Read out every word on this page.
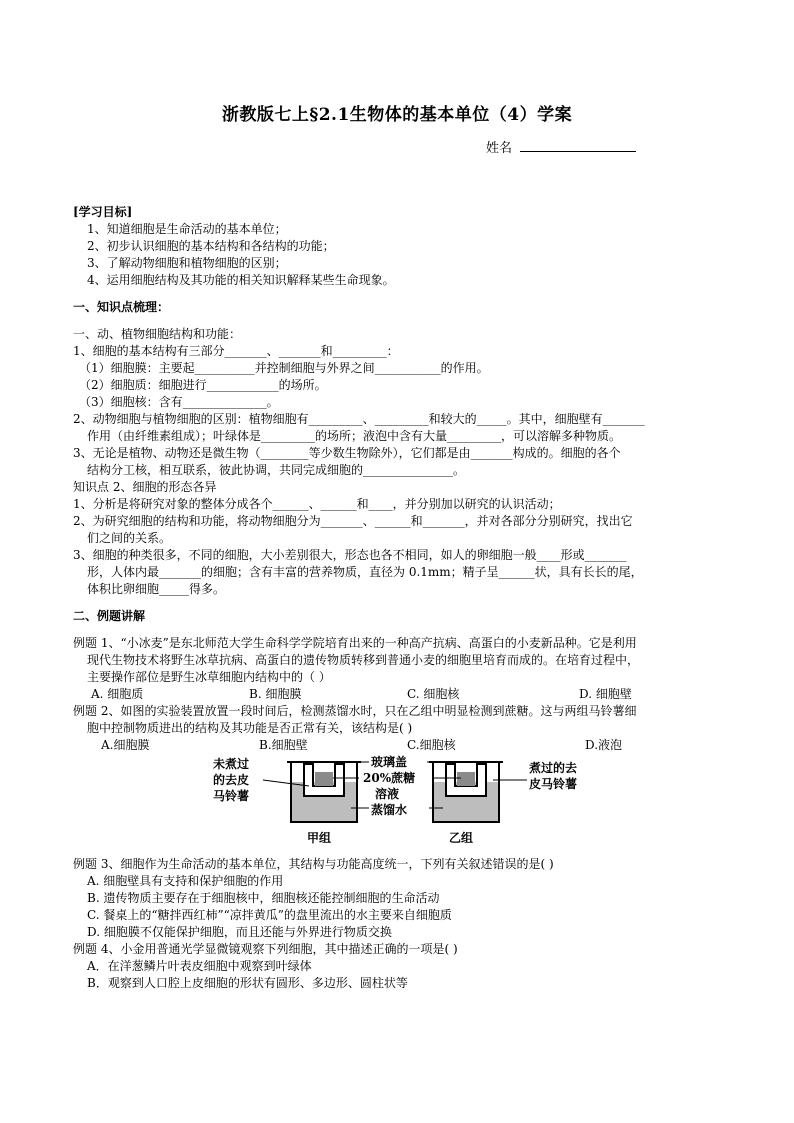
浙教版七上§2.1生物体的基本单位（4）学案
姓名
[学习目标]
1、知道细胞是生命活动的基本单位；
2、初步认识细胞的基本结构和各结构的功能；
3、了解动物细胞和植物细胞的区别；
4、运用细胞结构及其功能的相关知识解释某些生命现象。
一、知识点梳理：
一、动、植物细胞结构和功能：
1、细胞的基本结构有三部分_______、_______和_________：
（1）细胞膜：主要起__________并控制细胞与外界之间___________的作用。
（2）细胞质：细胞进行____________的场所。
（3）细胞核：含有______________。
2、动物细胞与植物细胞的区别：植物细胞有_________、_________和较大的_____。其中，细胞壁有_______
作用（由纤维素组成）；叶绿体是_________的场所；液泡中含有大量_________，可以溶解多种物质。
3、无论是植物、动物还是微生物（________等少数生物除外），它们都是由_______构成的。细胞的各个
结构分工核，相互联系，彼此协调，共同完成细胞的_______________。
知识点 2、细胞的形态各异
1、分析是将研究对象的整体分成各个______、______和____，并分别加以研究的认识活动；
2、为研究细胞的结构和功能，将动物细胞分为_______、______和_______，并对各部分分别研究，找出它
们之间的关系。
3、细胞的种类很多，不同的细胞，大小差别很大，形态也各不相同，如人的卵细胞一般____形或_______
形，人体内最_______的细胞；含有丰富的营养物质，直径为 0.1mm；精子呈______状，具有长长的尾，
体积比卵细胞_____得多。
二、例题讲解
例题 1、“小冰麦”是东北师范大学生命科学学院培育出来的一种高产抗病、高蛋白的小麦新品种。它是利用
现代生物技术将野生冰草抗病、高蛋白的遗传物质转移到普通小麦的细胞里培育而成的。在培育过程中，
主要操作部位是野生冰草细胞内结构中的（ ）
A. 细胞质	B. 细胞膜	C. 细胞核	D. 细胞壁
例题 2、如图的实验装置放置一段时间后，检测蒸馏水时，只在乙组中明显检测到蔗糖。这与两组马铃薯细
胞中控制物质进出的结构及其功能是否正常有关，该结构是( )
A.细胞膜	B.细胞壁	C.细胞核	D.液泡
未煮过
的去皮
马铃薯
玻璃盖
20%蔗糖
溶液
蒸馏水
煮过的去
皮马铃薯
甲组	乙组
例题 3、细胞作为生命活动的基本单位，其结构与功能高度统一，下列有关叙述错误的是( )
A. 细胞壁具有支持和保护细胞的作用
B. 遗传物质主要存在于细胞核中，细胞核还能控制细胞的生命活动
C. 餐桌上的“糖拌西红柿”“凉拌黄瓜”的盘里流出的水主要来自细胞质
D. 细胞膜不仅能保护细胞，而且还能与外界进行物质交换
例题 4、小金用普通光学显微镜观察下列细胞，其中描述正确的一项是( )
A．在洋葱鳞片叶表皮细胞中观察到叶绿体
B．观察到人口腔上皮细胞的形状有圆形、多边形、圆柱状等
